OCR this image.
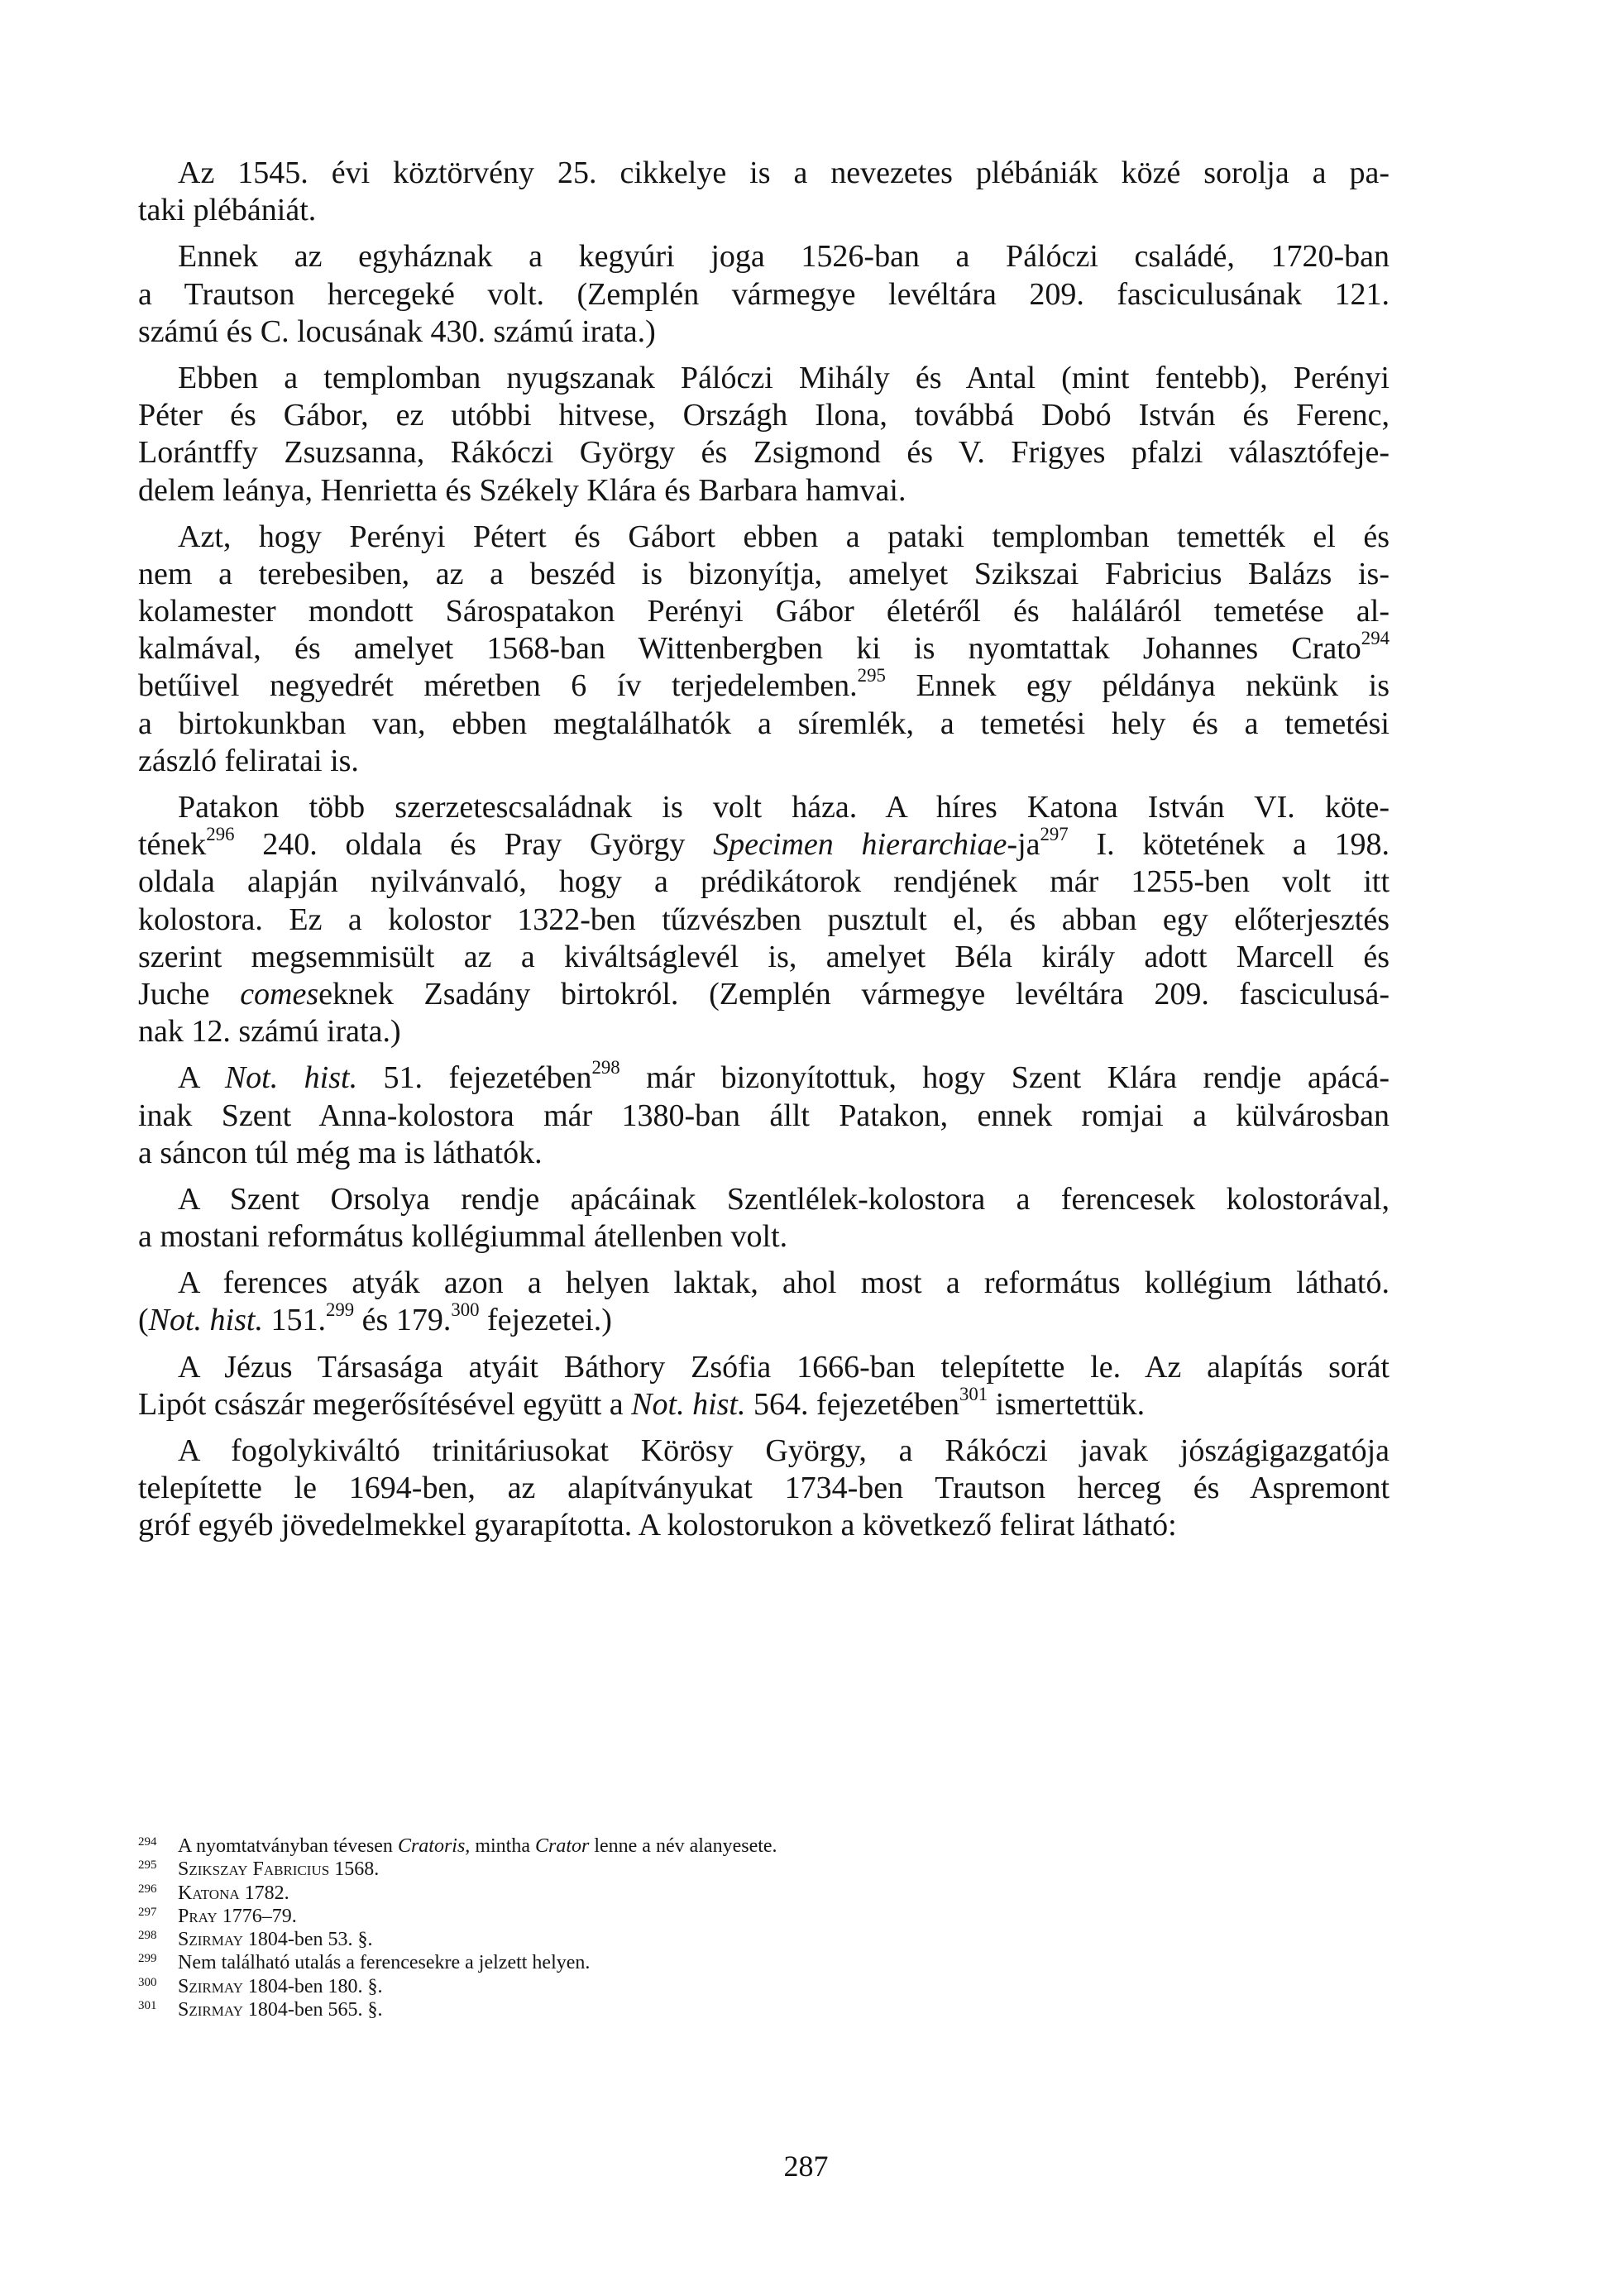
Az 1545. évi köztörvény 25. cikkelye is a nevezetes plébániák közé sorolja a pa-
taki plébániát.
Ennek az egyháznak a kegyúri joga 1526-ban a Pálóczi családé, 1720-ban
a Trautson hercegeké volt. (Zemplén vármegye levéltára 209. fasciculusának 121.
számú és C. locusának 430. számú irata.)
Ebben a templomban nyugszanak Pálóczi Mihály és Antal (mint fentebb), Perényi
Péter és Gábor, ez utóbbi hitvese, Országh Ilona, továbbá Dobó István és Ferenc,
Lorántffy Zsuzsanna, Rákóczi György és Zsigmond és V. Frigyes pfalzi választófeje-
delem leánya, Henrietta és Székely Klára és Barbara hamvai.
Azt, hogy Perényi Pétert és Gábort ebben a pataki templomban temették el és
nem a terebesiben, az a beszéd is bizonyítja, amelyet Szikszai Fabricius Balázs is-
kolamester mondott Sárospatakon Perényi Gábor életéről és haláláról temetése al-
kalmával, és amelyet 1568-ban Wittenbergben ki is nyomtattak Johannes Crato$^{294}$
betűivel negyedrét méretben 6 ív terjedelemben.$^{295}$ Ennek egy példánya nekünk is
a birtokunkban van, ebben megtalálhatók a síremlék, a temetési hely és a temetési
zászló feliratai is.
Patakon több szerzetescsaládnak is volt háza. A híres Katona István VI. köte-
tének$^{296}$ 240. oldala és Pray György Specimen hierarchiae-$ja^{297}$ I. kötetének a 198.
oldala alapján nyilvánvaló, hogy a prédikátorok rendjének már 1255-ben volt itt
kolostora. Ez a kolostor 1322-ben tűzvészben pusztult el, és abban egy előterjesztés
szerint megsemmisült az a kiváltságlevél is, amelyet Béla király adott Marcell és
Juche comeseknek Zsadány birtokról. (Zemplén vármegye levéltára 209. fasciculusá-
nak 12. számú irata.)
A Not. hist. 51. fejezetében$^{298}$ már bizonyítottuk, hogy Szent Klára rendje apácá-
inak Szent Anna-kolostora már 1380-ban állt Patakon, ennek romjai a külvárosban
a sáncon túl még ma is láthatók.
A Szent Orsolya rendje apácáinak Szentlélek-kolostora a ferencesek kolostorával,
a mostani református kollégiummal átellenben volt.
A ferences atyák azon a helyen laktak, ahol most a református kollégium látható.
(Not. hist. 151.$^{299}$ és 179.$^{300}$ fejezetei.)
A Jézus Társasága atyáit Báthory Zsófia 1666-ban telepítette le. Az alapítás sorát
Lipót császár megerősítésével együtt a Not. hist. 564. fejezetében$^{301}$ ismertettük.
A fogolykiváltó trinitáriusokat Körösy György, a Rákóczi javak jószágigazgatója
telepítette le 1694-ben, az alapítványukat 1734-ben Trautson herceg és Aspremont
gróf egyéb jövedelmekkel gyarapította. A kolostorukon a következő felirat látható:
294	A nyomtatványban tévesen Cratoris, mintha Crator lenne a név alanyesete.
295	Szikszay Fabricius 1568.
296	Katona 1782.
297	Pray 1776–79.
298	Szirmay 1804-ben 53. §.
299	Nem található utalás a ferencesekre a jelzett helyen.
300	Szirmay 1804-ben 180. §.
301	Szirmay 1804-ben 565. §.
287
